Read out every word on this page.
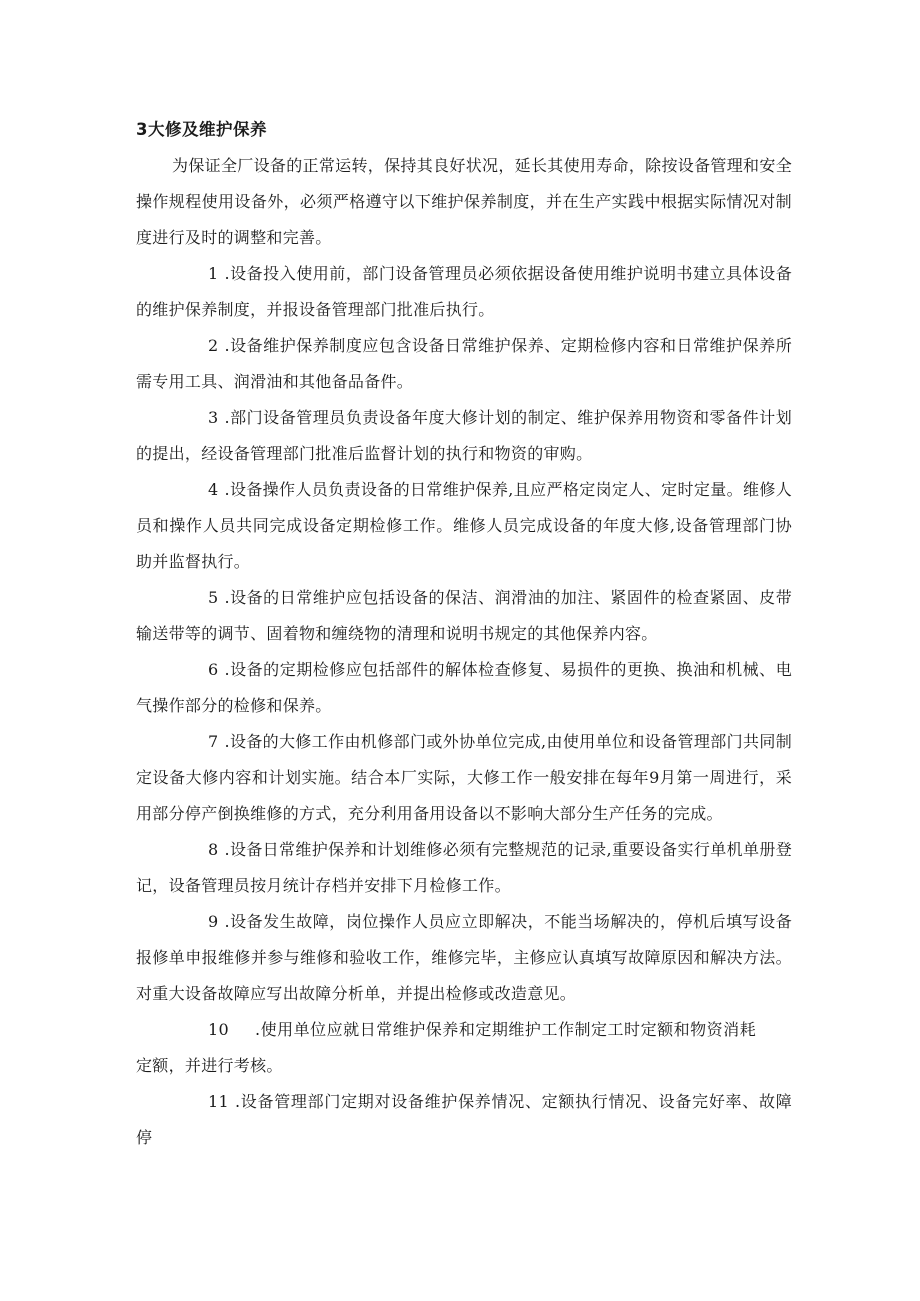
3大修及维护保养

为保证全厂设备的正常运转，保持其良好状况，延长其使用寿命，除按设备管理和安全操作规程使用设备外，必须严格遵守以下维护保养制度，并在生产实践中根据实际情况对制度进行及时的调整和完善。

1 .设备投入使用前，部门设备管理员必须依据设备使用维护说明书建立具体设备的维护保养制度，并报设备管理部门批准后执行。

2 .设备维护保养制度应包含设备日常维护保养、定期检修内容和日常维护保养所需专用工具、润滑油和其他备品备件。

3 .部门设备管理员负责设备年度大修计划的制定、维护保养用物资和零备件计划的提出，经设备管理部门批准后监督计划的执行和物资的审购。

4 .设备操作人员负责设备的日常维护保养,且应严格定岗定人、定时定量。维修人员和操作人员共同完成设备定期检修工作。维修人员完成设备的年度大修,设备管理部门协助并监督执行。

5 .设备的日常维护应包括设备的保洁、润滑油的加注、紧固件的检查紧固、皮带输送带等的调节、固着物和缠绕物的清理和说明书规定的其他保养内容。

6 .设备的定期检修应包括部件的解体检查修复、易损件的更换、换油和机械、电气操作部分的检修和保养。

7 .设备的大修工作由机修部门或外协单位完成,由使用单位和设备管理部门共同制定设备大修内容和计划实施。结合本厂实际，大修工作一般安排在每年9月第一周进行，采用部分停产倒换维修的方式，充分利用备用设备以不影响大部分生产任务的完成。

8 .设备日常维护保养和计划维修必须有完整规范的记录,重要设备实行单机单册登记，设备管理员按月统计存档并安排下月检修工作。

9 .设备发生故障，岗位操作人员应立即解决，不能当场解决的，停机后填写设备报修单申报维修并参与维修和验收工作，维修完毕，主修应认真填写故障原因和解决方法。对重大设备故障应写出故障分析单，并提出检修或改造意见。

10 .使用单位应就日常维护保养和定期维护工作制定工时定额和物资消耗定额，并进行考核。

11 .设备管理部门定期对设备维护保养情况、定额执行情况、设备完好率、故障停
